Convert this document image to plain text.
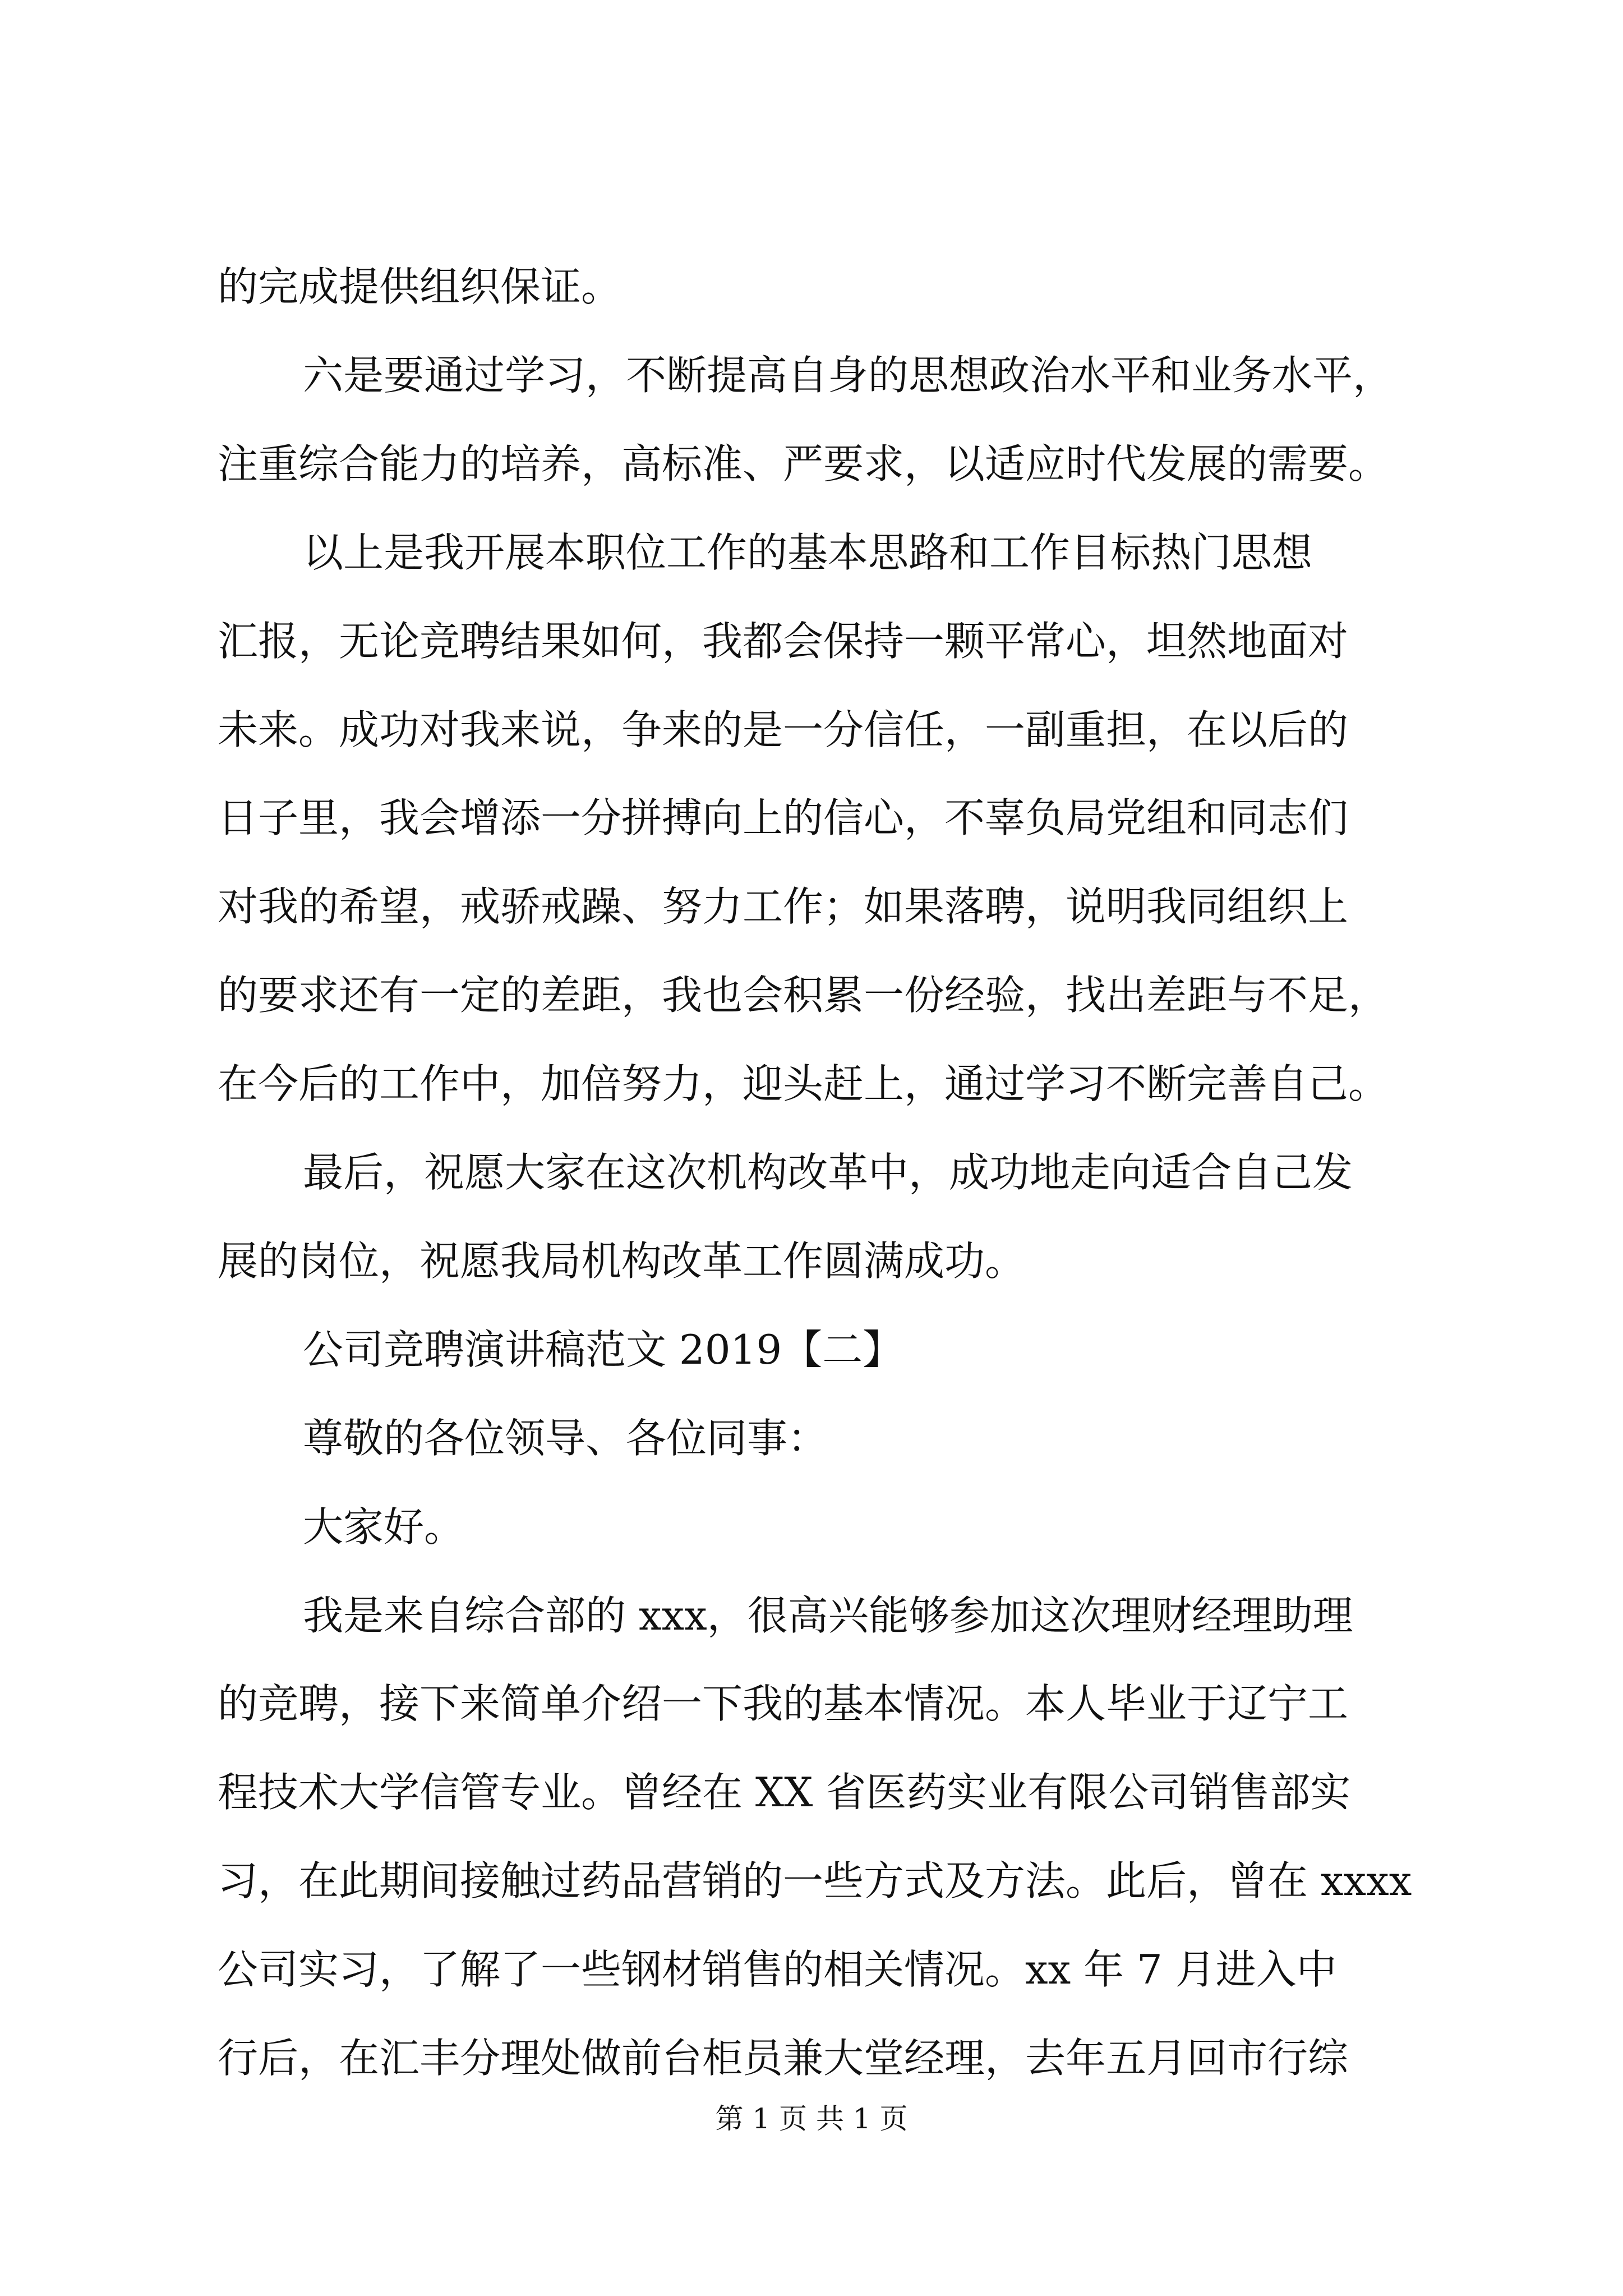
的完成提供组织保证。
六是要通过学习，不断提高自身的思想政治水平和业务水平，
注重综合能力的培养，高标准、严要求，以适应时代发展的需要。
以上是我开展本职位工作的基本思路和工作目标热门思想
汇报，无论竞聘结果如何，我都会保持一颗平常心，坦然地面对
未来。成功对我来说，争来的是一分信任，一副重担，在以后的
日子里，我会增添一分拼搏向上的信心，不辜负局党组和同志们
对我的希望，戒骄戒躁、努力工作；如果落聘，说明我同组织上
的要求还有一定的差距，我也会积累一份经验，找出差距与不足，
在今后的工作中，加倍努力，迎头赶上，通过学习不断完善自己。
最后，祝愿大家在这次机构改革中，成功地走向适合自己发
展的岗位，祝愿我局机构改革工作圆满成功。
公司竞聘演讲稿范文 2019【二】
尊敬的各位领导、各位同事：
大家好。
我是来自综合部的 xxx，很高兴能够参加这次理财经理助理
的竞聘，接下来简单介绍一下我的基本情况。本人毕业于辽宁工
程技术大学信管专业。曾经在 XX 省医药实业有限公司销售部实
习，在此期间接触过药品营销的一些方式及方法。此后，曾在 xxxx
公司实习，了解了一些钢材销售的相关情况。xx 年 7 月进入中
行后，在汇丰分理处做前台柜员兼大堂经理，去年五月回市行综
第 1 页 共 1 页
